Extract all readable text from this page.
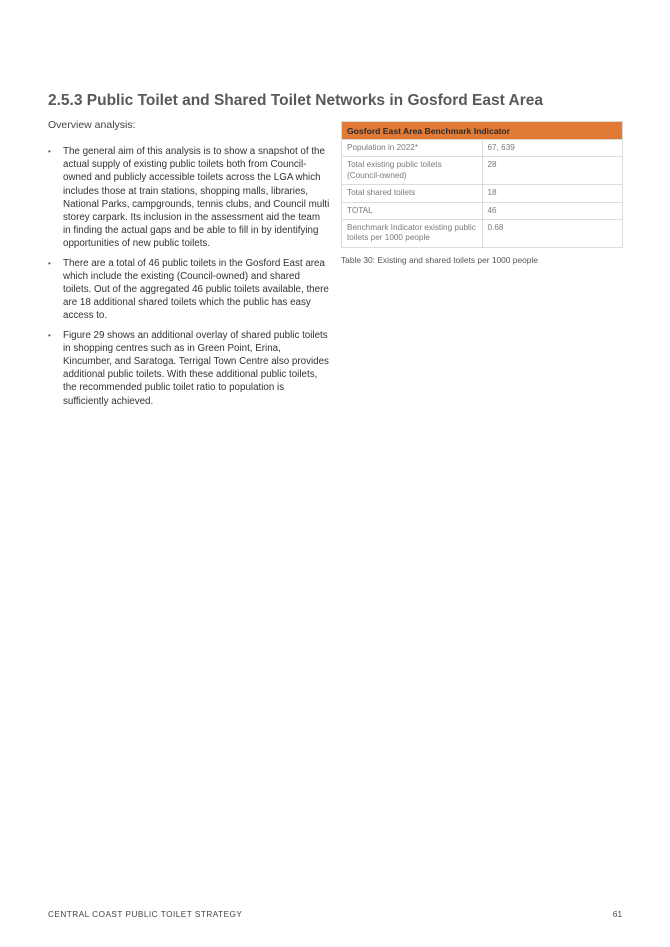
2.5.3 Public Toilet and Shared Toilet Networks in Gosford East Area

Overview analysis:

• The general aim of this analysis is to show a snapshot of the actual supply of existing public toilets both from Council-owned and publicly accessible toilets across the LGA which includes those at train stations, shopping malls, libraries, National Parks, campgrounds, tennis clubs, and Council multi storey carpark. Its inclusion in the assessment aid the team in finding the actual gaps and be able to fill in by identifying opportunities of new public toilets.
• There are a total of 46 public toilets in the Gosford East area which include the existing (Council-owned) and shared toilets. Out of the aggregated 46 public toilets available, there are 18 additional shared toilets which the public has easy access to.
• Figure 29 shows an additional overlay of shared public toilets in shopping centres such as in Green Point, Erina, Kincumber, and Saratoga. Terrigal Town Centre also provides additional public toilets. With these additional public toilets, the recommended public toilet ratio to population is sufficiently achieved.
Gosford East Area Benchmark Indicator	
Population in 2022*	67, 639
Total existing public toilets (Council-owned)	28
Total shared toilets	18
TOTAL	46
Benchmark Indicator existing public toilets per 1000 people	0.68
Table 30: Existing and shared toilets per 1000 people
CENTRAL COAST PUBLIC TOILET STRATEGY	61
